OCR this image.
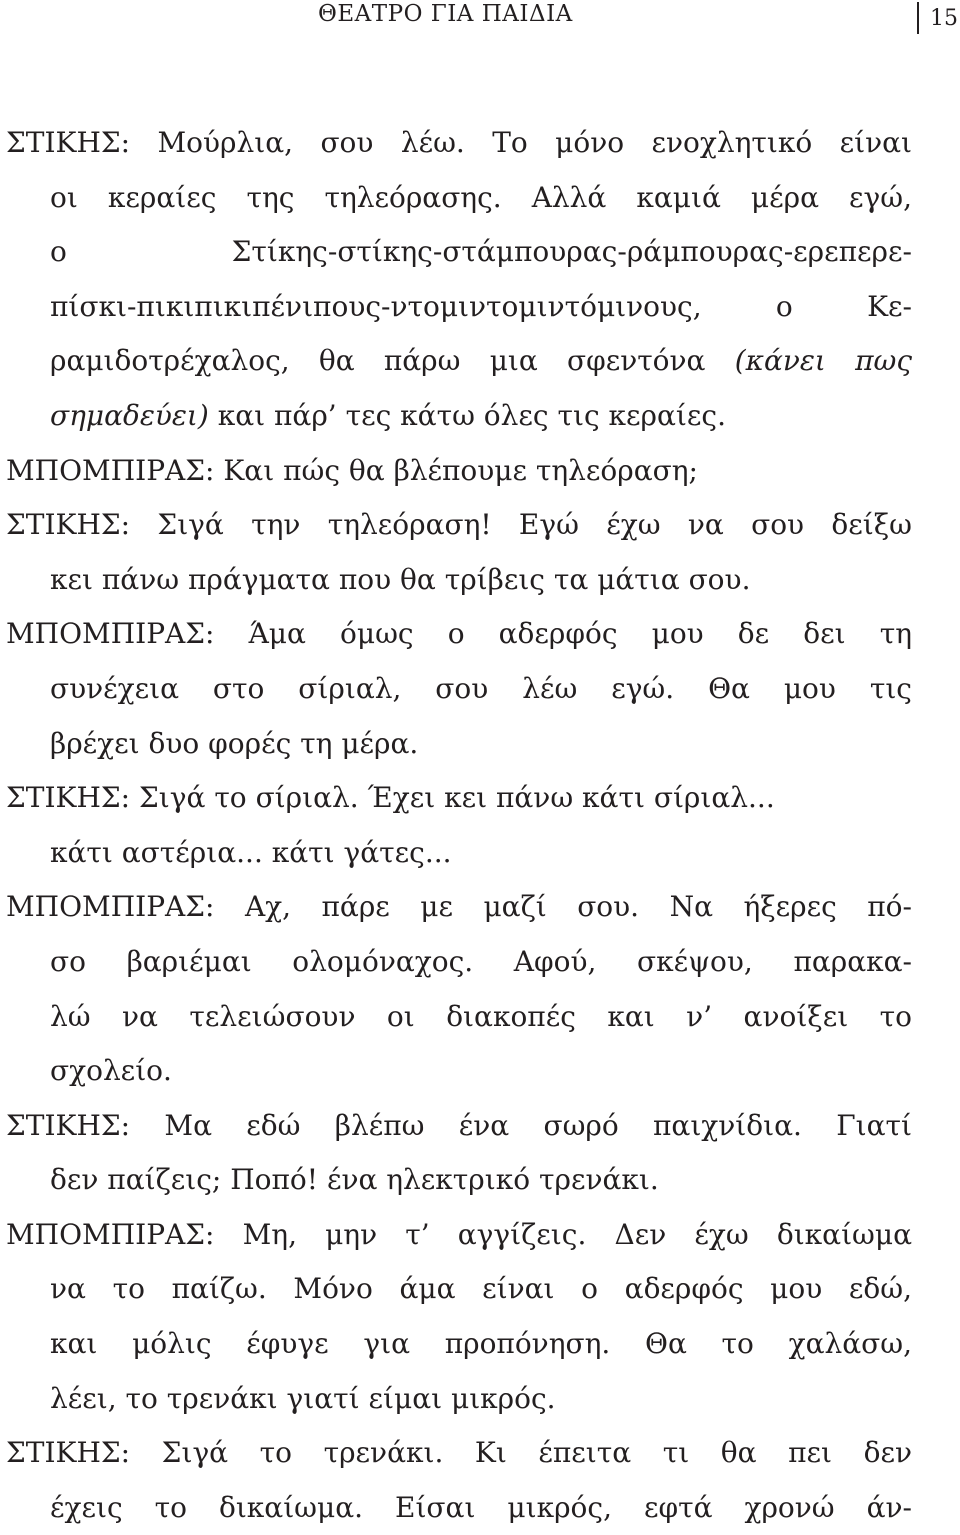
ΘΕΑΤΡΟ ΓΙΑ ΠΑΙΔΙΑ	15
ΣΤΙΚΗΣ: Μούρλια, σου λέω. Το μόνο ενοχλητικό είναι
οι κεραίες της τηλεόρασης. Αλλά καμιά μέρα εγώ,
ο Στίκης-στίκης-στάμπουρας-ράμπουρας-ερεπερε-
πίσκι-πικιπικιπένιπους-ντομιντομιντόμινους, ο Κε-
ραμιδοτρέχαλος, θα πάρω μια σφεντόνα (κάνει πως
σημαδεύει) και πάρ’ τες κάτω όλες τις κεραίες.
ΜΠΟΜΠΙΡΑΣ: Και πώς θα βλέπουμε τηλεόραση;
ΣΤΙΚΗΣ: Σιγά την τηλεόραση! Εγώ έχω να σου δείξω
κει πάνω πράγματα που θα τρίβεις τα μάτια σου.
ΜΠΟΜΠΙΡΑΣ: Άμα όμως ο αδερφός μου δε δει τη
συνέχεια στο σίριαλ, σου λέω εγώ. Θα μου τις
βρέχει δυο φορές τη μέρα.
ΣΤΙΚΗΣ: Σιγά το σίριαλ. Έχει κει πάνω κάτι σίριαλ...
κάτι αστέρια... κάτι γάτες...
ΜΠΟΜΠΙΡΑΣ: Αχ, πάρε με μαζί σου. Να ήξερες πό-
σο βαριέμαι ολομόναχος. Αφού, σκέψου, παρακα-
λώ να τελειώσουν οι διακοπές και ν’ ανοίξει το
σχολείο.
ΣΤΙΚΗΣ: Μα εδώ βλέπω ένα σωρό παιχνίδια. Γιατί
δεν παίζεις; Ποπό! ένα ηλεκτρικό τρενάκι.
ΜΠΟΜΠΙΡΑΣ: Μη, μην τ’ αγγίζεις. Δεν έχω δικαίωμα
να το παίζω. Μόνο άμα είναι ο αδερφός μου εδώ,
και μόλις έφυγε για προπόνηση. Θα το χαλάσω,
λέει, το τρενάκι γιατί είμαι μικρός.
ΣΤΙΚΗΣ: Σιγά το τρενάκι. Κι έπειτα τι θα πει δεν
έχεις το δικαίωμα. Είσαι μικρός, εφτά χρονώ άν-
